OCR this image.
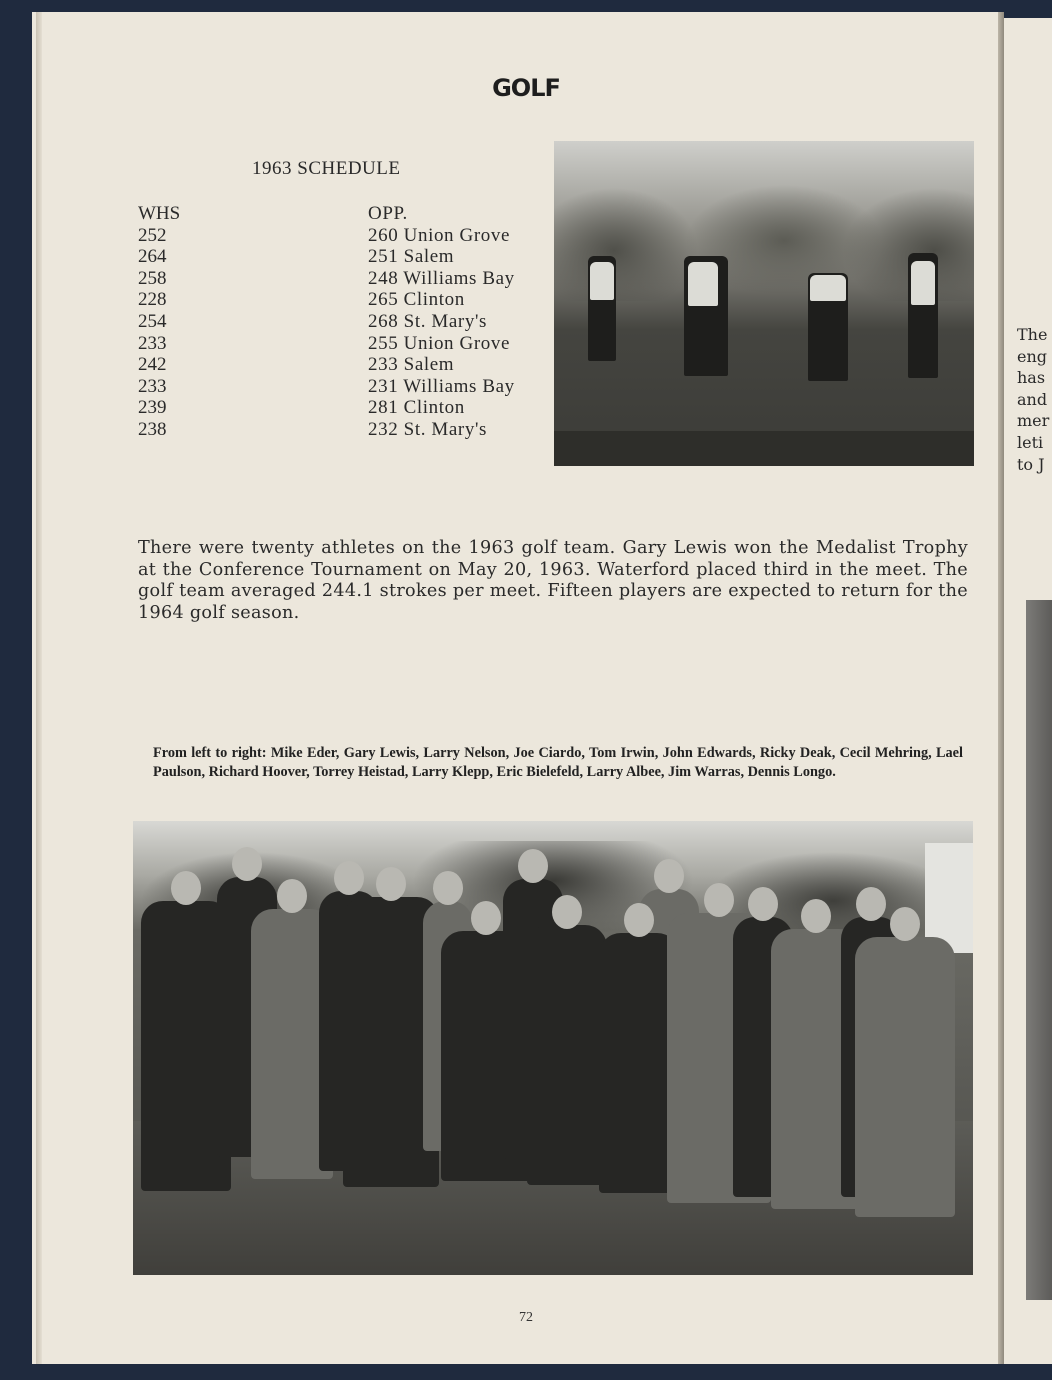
The
eng
has
and
mer
leti
to J
GOLF
1963 SCHEDULE
WHS
252
264
258
228
254
233
242
233
239
238
OPP.
260 Union Grove
251 Salem
248 Williams Bay
265 Clinton
268 St. Mary's
255 Union Grove
233 Salem
231 Williams Bay
281 Clinton
232 St. Mary's

There were twenty athletes on the 1963 golf team. Gary Lewis won the Medalist Trophy at the Conference Tournament on May 20, 1963. Waterford placed third in the meet. The golf team averaged 244.1 strokes per meet. Fifteen players are expected to return for the 1964 golf season.

From left to right: Mike Eder, Gary Lewis, Larry Nelson, Joe Ciardo, Tom Irwin, John Edwards, Ricky Deak, Cecil Mehring, Lael Paulson, Richard Hoover, Torrey Heistad, Larry Klepp, Eric Bielefeld, Larry Albee, Jim Warras, Dennis Longo.

72
